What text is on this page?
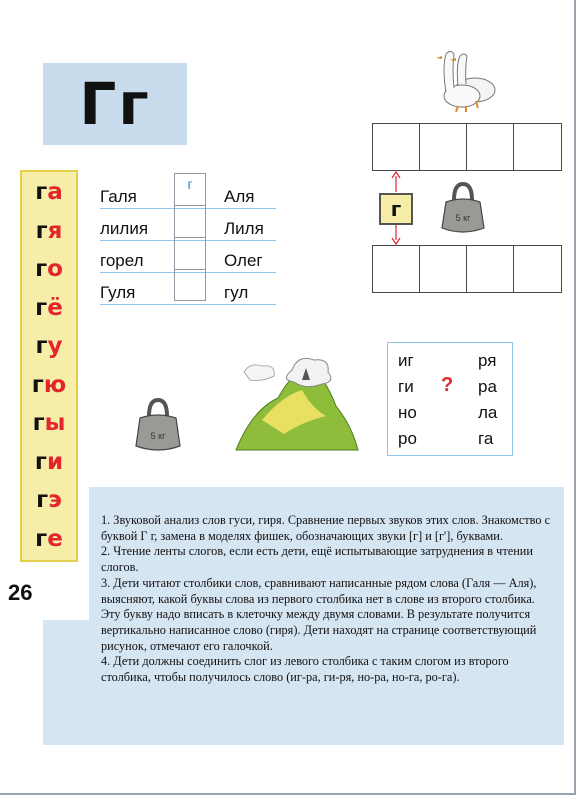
Гг
га
гя
го
гё
гу
гю
гы
ги
гэ
ге
26
Галя
лилия
горел
Гуля
Аля
Лиля
Олег
гул
г
г	5 кг
5 кг
иг
ги
но
ро
?
ря
ра
ла
га

1. Звуковой анализ слов гуси, гиря. Сравнение первых звуков этих слов. Знакомство с буквой Г г, замена в моделях фишек, обозначающих звуки [г] и [г'], буквами.

2. Чтение ленты слогов, если есть дети, ещё испытывающие затруднения в чтении слогов.

3. Дети читают столбики слов, сравнивают написанные рядом слова (Галя — Аля), выясняют, какой буквы слова из первого столбика нет в слове из второго столбика. Эту букву надо вписать в клеточку между двумя словами. В результате получится вертикально написанное слово (гиря). Дети находят на странице соответствующий рисунок, отмечают его галочкой.

4. Дети должны соединить слог из левого столбика с таким слогом из второго столбика, чтобы получилось слово (иг-ра, ги-ря, но-ра, но-га, ро-га).
